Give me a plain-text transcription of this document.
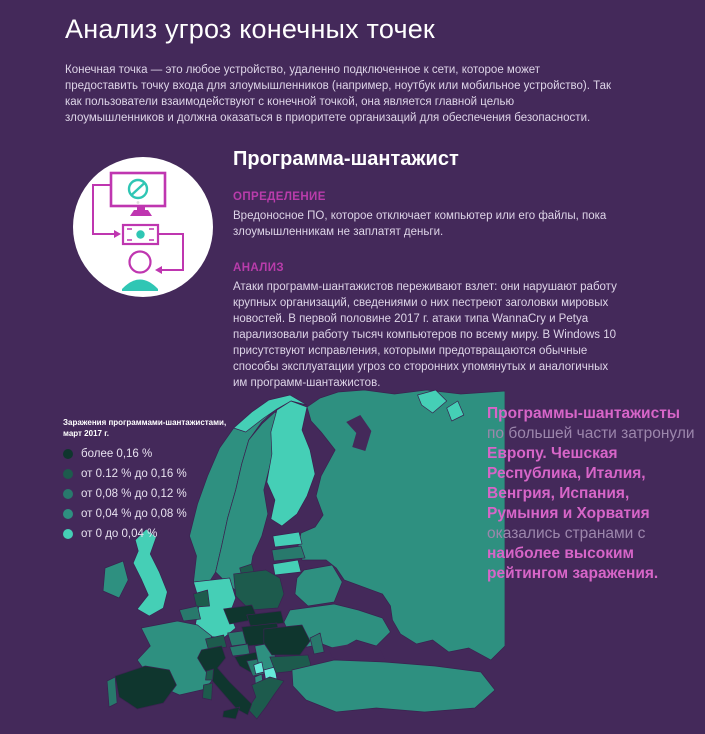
Анализ угроз конечных точек

Конечная точка — это любое устройство, удаленно подключенное к сети, которое может предоставить точку входа для злоумышленников (например, ноутбук или мобильное устройство). Так как пользователи взаимодействуют с конечной точкой, она является главной целью злоумышленников и должна оказаться в приоритете организаций для обеспечения безопасности.

Программа-шантажист
ОПРЕДЕЛЕНИЕ

Вредоносное ПО, которое отключает компьютер или его файлы, пока злоумышленникам не заплатят деньги.

АНАЛИЗ

Атаки программ-шантажистов переживают взлет: они нарушают работу крупных организаций, сведениями о них пестреют заголовки мировых новостей. В первой половине 2017 г. атаки типа WannaCry и Petya парализовали работу тысяч компьютеров по всему миру. В Windows 10 присутствуют исправления, которыми предотвращаются обычные способы эксплуатации угроз со сторонних упомянутых и аналогичных им программ-шантажистов.

Заражения программами-шантажистами,
март 2017 г.
более 0,16 %
от 0.12 % до 0,16 %
от 0,08 % до 0,12 %
от 0,04 % до 0,08 %
от 0 до 0,04 %
Программы-шантажисты по большей части затронули Европу. Чешская Республика, Италия, Венгрия, Испания, Румыния и Хорватия оказались странами с наиболее высоким рейтингом заражения.
